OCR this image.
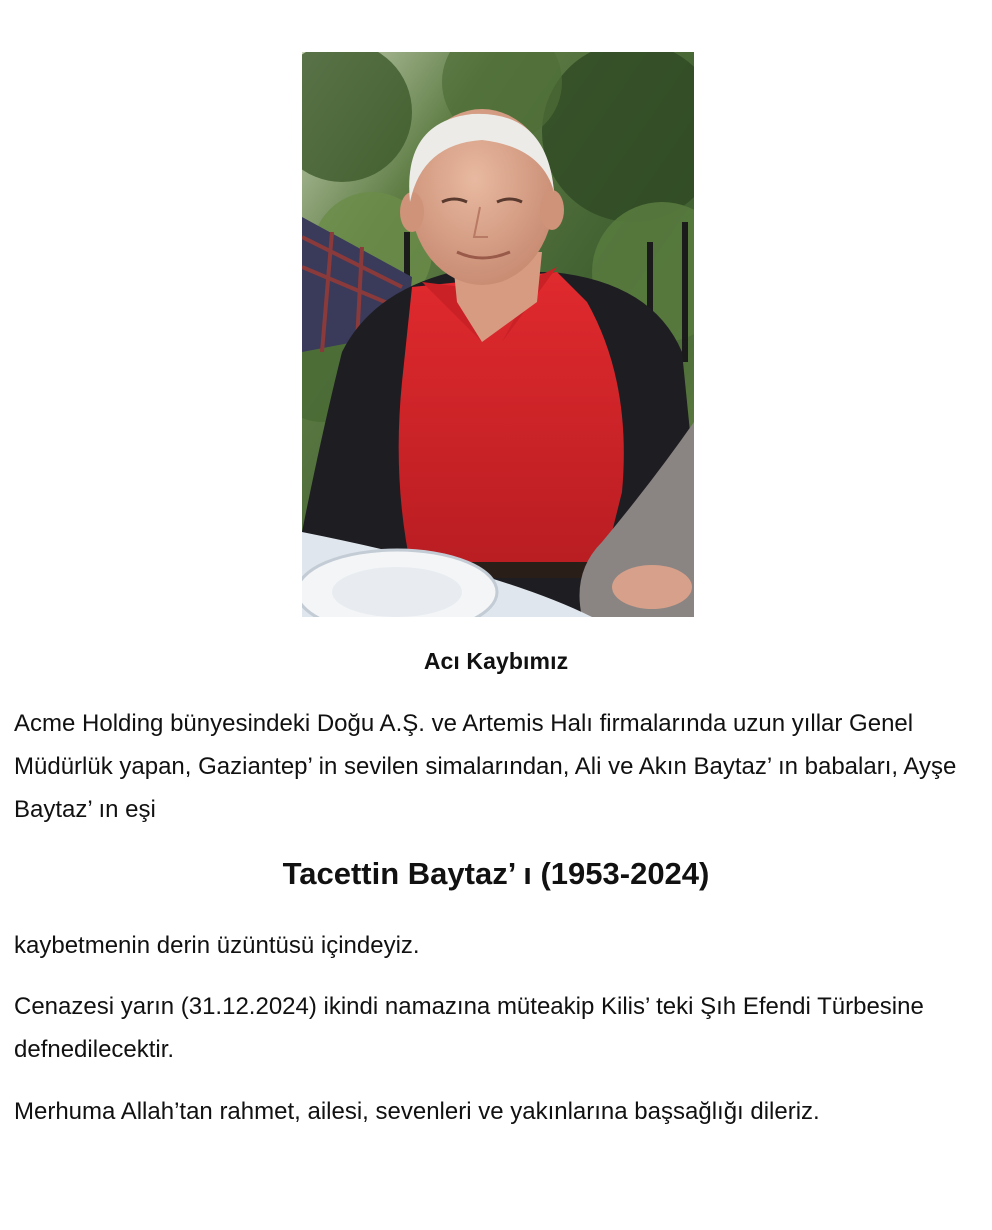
Acı Kaybımız

Acme Holding bünyesindeki Doğu A.Ş. ve Artemis Halı firmalarında uzun yıllar Genel Müdürlük yapan, Gaziantep’ in sevilen simalarından, Ali ve Akın Baytaz’ ın babaları, Ayşe Baytaz’ ın eşi

Tacettin Baytaz’ ı (1953-2024)

kaybetmenin derin üzüntüsü içindeyiz.

Cenazesi yarın (31.12.2024) ikindi namazına müteakip Kilis’ teki Şıh Efendi Türbesine defnedilecektir.

Merhuma Allah’tan rahmet, ailesi, sevenleri ve yakınlarına başsağlığı dileriz.
